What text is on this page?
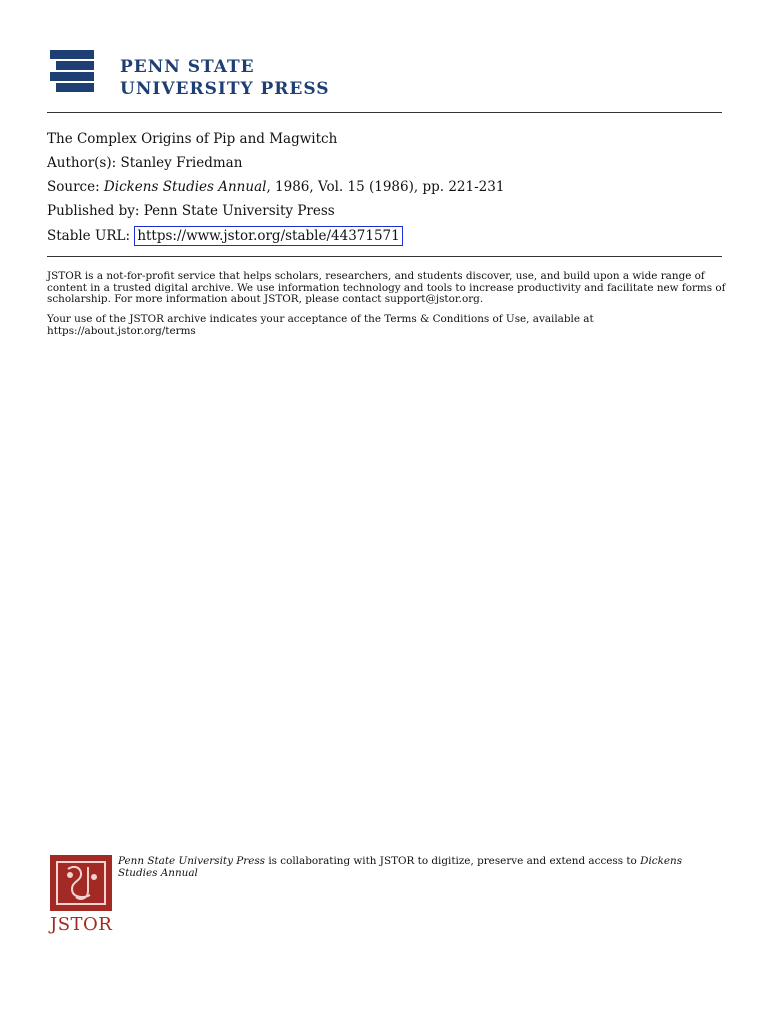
PENN STATE
UNIVERSITY PRESS
The Complex Origins of Pip and Magwitch
Author(s): Stanley Friedman
Source: Dickens Studies Annual, 1986, Vol. 15 (1986), pp. 221-231
Published by: Penn State University Press
Stable URL: https://www.jstor.org/stable/44371571
JSTOR is a not-for-profit service that helps scholars, researchers, and students discover, use, and build upon a wide range of content in a trusted digital archive. We use information technology and tools to increase productivity and facilitate new forms of scholarship. For more information about JSTOR, please contact support@jstor.org.
Your use of the JSTOR archive indicates your acceptance of the Terms & Conditions of Use, available at https://about.jstor.org/terms
JSTOR
Penn State University Press is collaborating with JSTOR to digitize, preserve and extend access to Dickens Studies Annual
